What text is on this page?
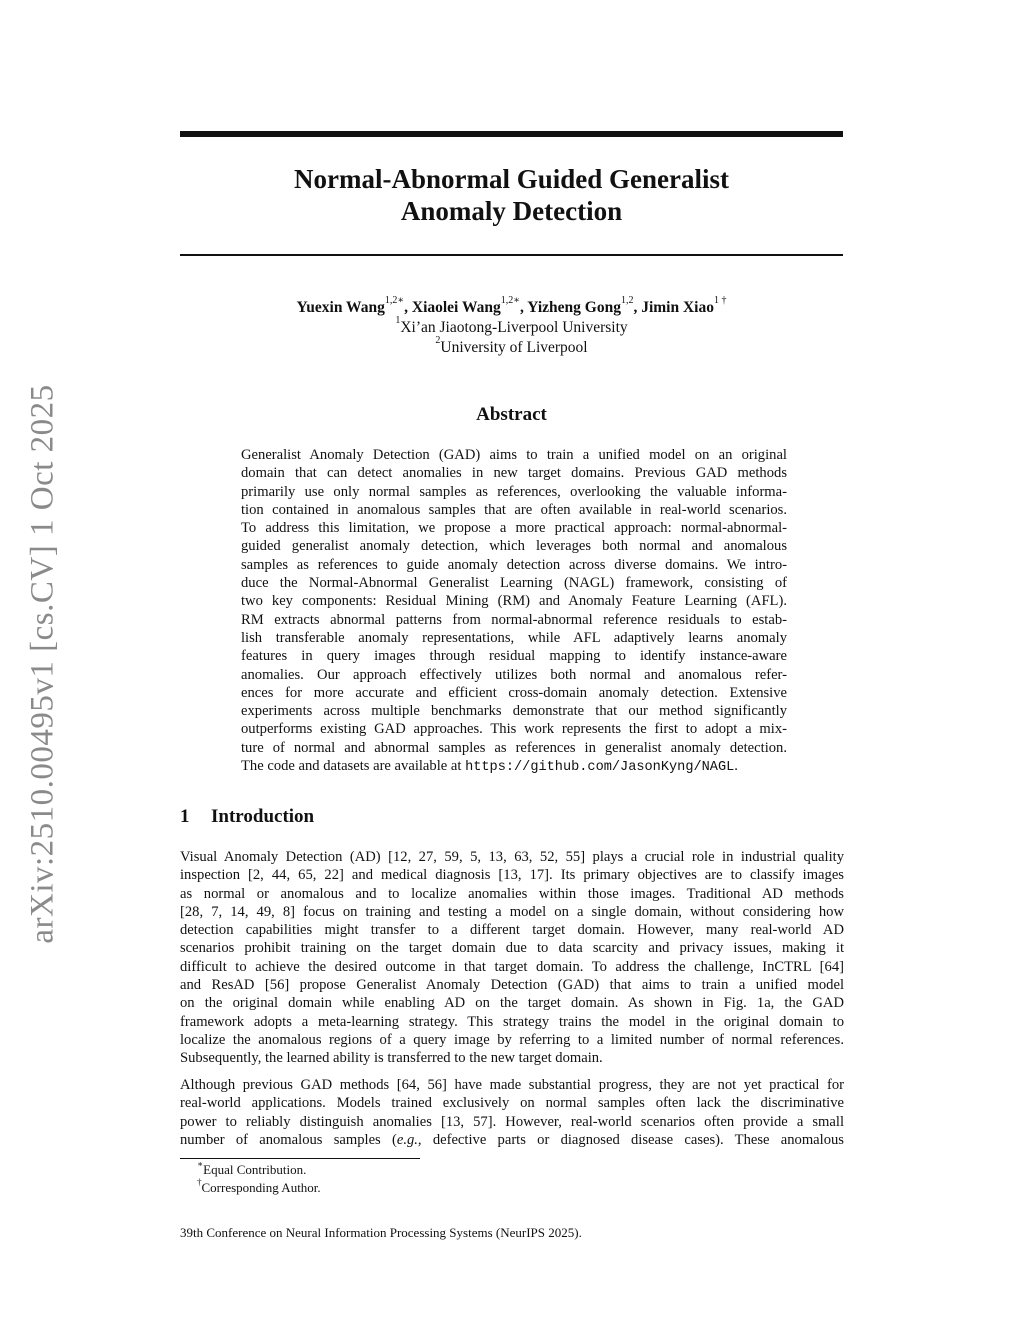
arXiv:2510.00495v1 [cs.CV] 1 Oct 2025
Normal-Abnormal Guided Generalist
Anomaly Detection
Yuexin Wang$^{1,2∗}$, Xiaolei Wang$^{1,2∗}$, Yizheng Gong$^{1,2}$, Jimin Xiao$^{1 \dagger}$
$^1$Xi’an Jiaotong-Liverpool University
$^2$University of Liverpool
Abstract
Generalist Anomaly Detection (GAD) aims to train a unified model on an original
domain that can detect anomalies in new target domains. Previous GAD methods
primarily use only normal samples as references, overlooking the valuable informa-
tion contained in anomalous samples that are often available in real-world scenarios.
To address this limitation, we propose a more practical approach: normal-abnormal-
guided generalist anomaly detection, which leverages both normal and anomalous
samples as references to guide anomaly detection across diverse domains. We intro-
duce the Normal-Abnormal Generalist Learning (NAGL) framework, consisting of
two key components: Residual Mining (RM) and Anomaly Feature Learning (AFL).
RM extracts abnormal patterns from normal-abnormal reference residuals to estab-
lish transferable anomaly representations, while AFL adaptively learns anomaly
features in query images through residual mapping to identify instance-aware
anomalies. Our approach effectively utilizes both normal and anomalous refer-
ences for more accurate and efficient cross-domain anomaly detection. Extensive
experiments across multiple benchmarks demonstrate that our method significantly
outperforms existing GAD approaches. This work represents the first to adopt a mix-
ture of normal and abnormal samples as references in generalist anomaly detection.
The code and datasets are available at https://github.com/JasonKyng/NAGL.
1 Introduction
Visual Anomaly Detection (AD) [12, 27, 59, 5, 13, 63, 52, 55] plays a crucial role in industrial quality
inspection [2, 44, 65, 22] and medical diagnosis [13, 17]. Its primary objectives are to classify images
as normal or anomalous and to localize anomalies within those images. Traditional AD methods
[28, 7, 14, 49, 8] focus on training and testing a model on a single domain, without considering how
detection capabilities might transfer to a different target domain. However, many real-world AD
scenarios prohibit training on the target domain due to data scarcity and privacy issues, making it
difficult to achieve the desired outcome in that target domain. To address the challenge, InCTRL [64]
and ResAD [56] propose Generalist Anomaly Detection (GAD) that aims to train a unified model
on the original domain while enabling AD on the target domain. As shown in Fig. 1a, the GAD
framework adopts a meta-learning strategy. This strategy trains the model in the original domain to
localize the anomalous regions of a query image by referring to a limited number of normal references.
Subsequently, the learned ability is transferred to the new target domain.
Although previous GAD methods [64, 56] have made substantial progress, they are not yet practical for
real-world applications. Models trained exclusively on normal samples often lack the discriminative
power to reliably distinguish anomalies [13, 57]. However, real-world scenarios often provide a small
number of anomalous samples (e.g., defective parts or diagnosed disease cases). These anomalous
∗Equal Contribution.
†Corresponding Author.
39th Conference on Neural Information Processing Systems (NeurIPS 2025).
